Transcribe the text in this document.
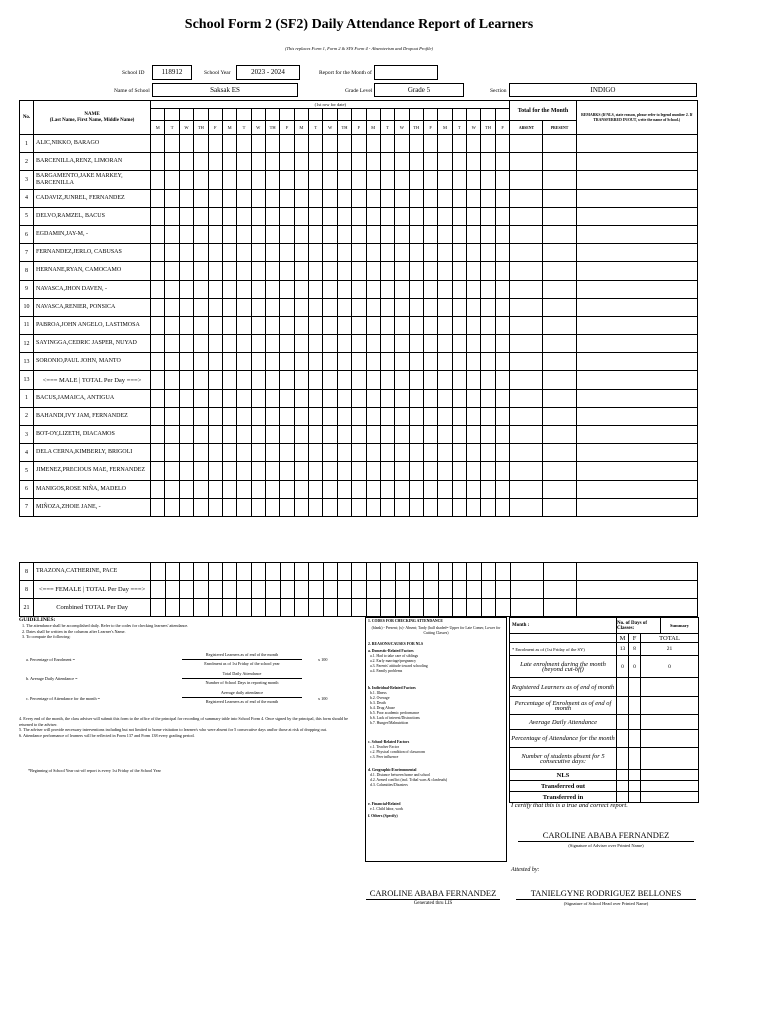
School Form 2 (SF2) Daily Attendance Report of Learners
(This replaces Form 1, Form 2 & SYS Form 4 - Absenteeism and Dropout Profile)
School ID	118912	School Year	2023 - 2024	Report for the Month of
Name of School	Saksak ES	Grade Level	Grade 5	Section	INDIGO
No.	NAME
(Last Name, First Name, Middle Name)	(1st row for date)																									Total for the Month		REMARKS (If NLS, state reason, please refer to legend number 2. If TRANSFERRED IN/OUT, write the name of School.)

		M	T	W	TH	F	M	T	W	TH	F	M	T	W	TH	F	M	T	W	TH	F	M	T	W	TH	F	ABSENT	PRESENT	
1	ALIC,NIKKO, BARAGO																												
2	BARCENILLA,RENZ, LIMORAN																												
3	BARGAMENTO,JAKE MARKEY, BARCENILLA																												
4	CADAVIZ,JUNREL, FERNANDEZ																												
5	DELVO,RAMZEL, BACUS																												
6	EGDAMIN,JAY-M, -																												
7	FERNANDEZ,JERLO, CABUSAS																												
8	HERNANE,RYAN, CAMOCAMO																												
9	NAVASCA,JHON DAVEN, -																												
10	NAVASCA,RENIER, PONSICA																												
11	PABROA,JOHN ANGELO, LASTIMOSA																												
12	SAYINGGA,CEDRIC JASPER, NUYAD																												
13	SORONIO,PAUL JOHN, MANTO																												
13	<=== MALE | TOTAL Per Day ===>																												
1	BACUS,JAMAICA, ANTIGUA																												
2	BAHANDI,IVY JAM, FERNANDEZ																												
3	BOT-OY,LIZETH, DIACAMOS																												
4	DELA CERNA,KIMBERLY, BRIGOLI																												
5	JIMENEZ,PRECIOUS MAE, FERNANDEZ																												
6	MANIGOS,ROSE NIÑA, MADELO																												
7	MIÑOZA,ZHOIE JANE, -																												
8	TRAZONA,CATHERINE, PACE																												
8	<=== FEMALE | TOTAL Per Day ===>																												
21	Combined TOTAL Per Day																												
GUIDELINES:
1. The attendance shall be accomplished daily. Refer to the codes for checking learners' attendance.
2. Dates shall be written in the columns after Learner's Name.
3. To compute the following:
a. Percentage of Enrolment =
Registered Learners as of end of the month
Enrolment as of 1st Friday of the school year
x 100
b. Average Daily Attendance =
Total Daily Attendance
Number of School Days in reporting month
c. Percentage of Attendance for the month =
Average daily attendance
Registered Learners as of end of the month
x 100
4. Every end of the month, the class adviser will submit this form to the office of the principal for recording of summary table into School Form 4. Once signed by the principal, this form should be returned to the adviser.
5. The adviser will provide necessary interventions including but not limited to home visitation to learner/s who were absent for 5 consecutive days and/or those at risk of dropping out.
6. Attendance performance of learners will be reflected in Form 137 and Form 138 every grading period.
*Beginning of School Year cut-off report is every 1st Friday of the School Year
1. CODES FOR CHECKING ATTENDANCE
(blank) - Present; (x)- Absent; Tardy (half shaded= Upper for Late Comer, Lower for Cutting Classes)
2. REASONS/CAUSES FOR NLS
a. Domestic-Related Factors
a.1. Had to take care of siblings
a.2. Early marriage/pregnancy
a.3. Parents' attitude toward schooling
a.4. Family problems
b. Individual-Related Factors
b.1. Illness
b.2. Overage
b.3. Death
b.4. Drug Abuse
b.5. Poor academic performance
b.6. Lack of interest/Distractions
b.7. Hunger/Malnutrition
c. School-Related Factors
c.1. Teacher Factor
c.2. Physical condition of classroom
c.3. Peer influence
d. Geographic/Environmental
d.1. Distance between home and school
d.2. Armed conflict (incl. Tribal wars & clanfeuds)
d.3. Calamities/Disasters
e. Financial-Related
e.1. Child labor, work
f. Others (Specify)
Month :	No. of Days of Classes:			Summary
	M	F	TOTAL	
* Enrolment as of (1st Friday of the SY)	13	8	21	
Late enrolment during the month (beyond cut-off)	0	0	0	
Registered Learners as of end of month				
Percentage of Enrolment as of end of month				
Average Daily Attendance				
Percentage of Attendance for the month				
Number of students absent for 5 consecutive days:				
NLS				
Transferred out				
Transferred in				
I certify that this is a true and correct report.
CAROLINE ABABA FERNANDEZ
(Signature of Adviser over Printed Name)
Attested by:
CAROLINE ABABA FERNANDEZ
Generated thru LIS
TANIELGYNE RODRIGUEZ BELLONES
(Signature of School Head over Printed Name)
